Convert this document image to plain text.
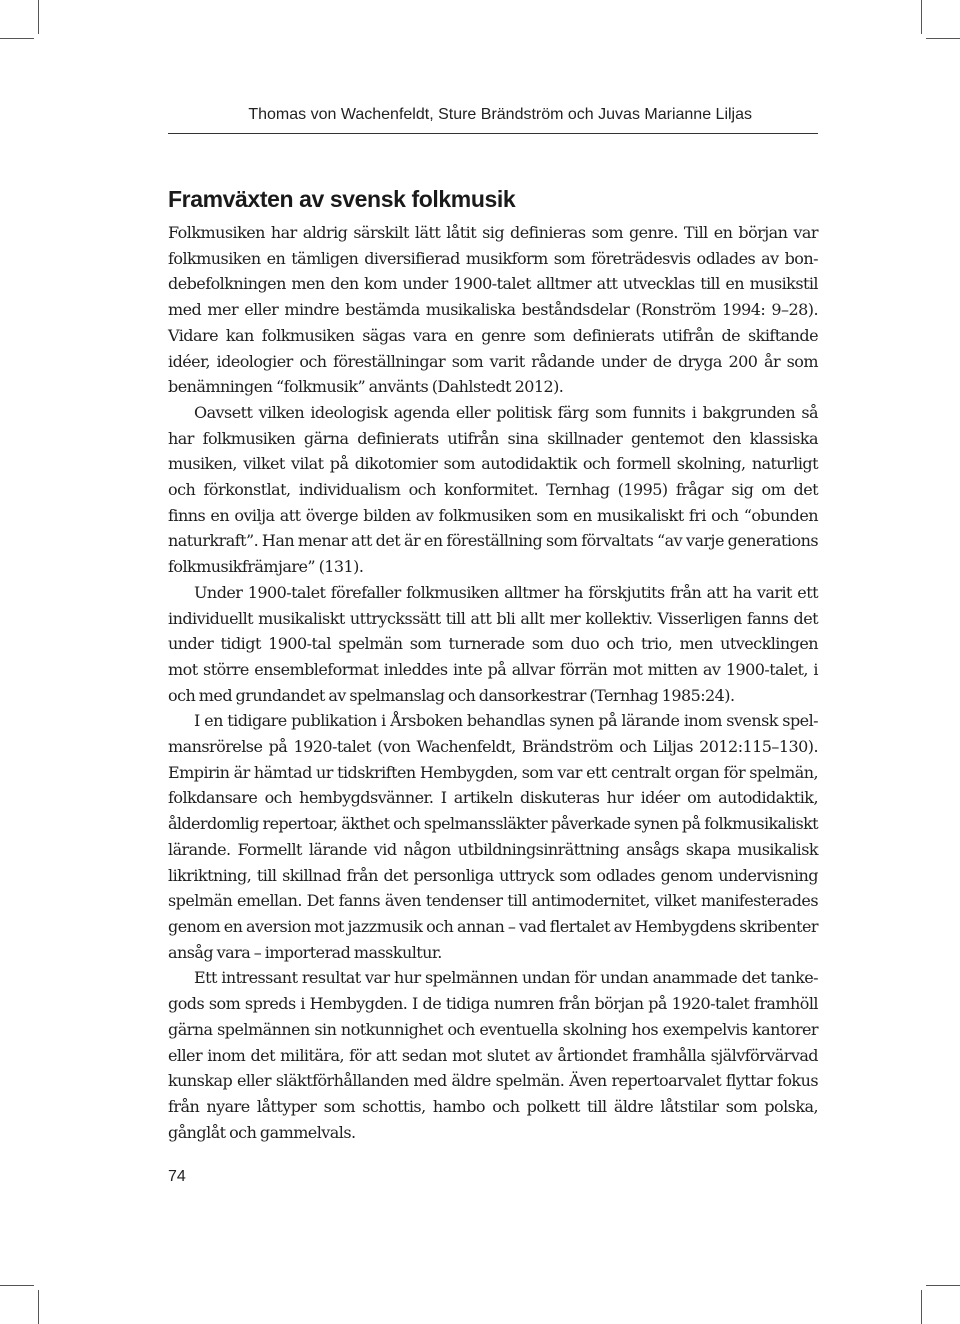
Thomas von Wachenfeldt, Sture Brändström och Juvas Marianne Liljas
Framväxten av svensk folkmusik

Folkmusiken har aldrig särskilt lätt låtit sig definieras som genre. Till en början var
folkmusiken en tämligen diversifierad musikform som företrädesvis odlades av bon-
debefolkningen men den kom under 1900-talet alltmer att utvecklas till en musikstil
med mer eller mindre bestämda musikaliska beståndsdelar (Ronström 1994: 9–28).
Vidare kan folkmusiken sägas vara en genre som definierats utifrån de skiftande
idéer, ideologier och föreställningar som varit rådande under de dryga 200 år som
benämningen “folkmusik” använts (Dahlstedt 2012).

Oavsett vilken ideologisk agenda eller politisk färg som funnits i bakgrunden så
har folkmusiken gärna definierats utifrån sina skillnader gentemot den klassiska
musiken, vilket vilat på dikotomier som autodidaktik och formell skolning, naturligt
och förkonstlat, individualism och konformitet. Ternhag (1995) frågar sig om det
finns en ovilja att överge bilden av folkmusiken som en musikaliskt fri och “obunden
naturkraft”. Han menar att det är en föreställning som förvaltats “av varje generations
folkmusikfrämjare” (131).

Under 1900-talet förefaller folkmusiken alltmer ha förskjutits från att ha varit ett
individuellt musikaliskt uttryckssätt till att bli allt mer kollektiv. Visserligen fanns det
under tidigt 1900-tal spelmän som turnerade som duo och trio, men utvecklingen
mot större ensembleformat inleddes inte på allvar förrän mot mitten av 1900-talet, i
och med grundandet av spelmanslag och dansorkestrar (Ternhag 1985:24).

I en tidigare publikation i Årsboken behandlas synen på lärande inom svensk spel-
mansrörelse på 1920-talet (von Wachenfeldt, Brändström och Liljas 2012:115–130).
Empirin är hämtad ur tidskriften Hembygden, som var ett centralt organ för spelmän,
folkdansare och hembygdsvänner. I artikeln diskuteras hur idéer om autodidaktik,
ålderdomlig repertoar, äkthet och spelmanssläkter påverkade synen på folkmusikaliskt
lärande. Formellt lärande vid någon utbildningsinrättning ansågs skapa musikalisk
likriktning, till skillnad från det personliga uttryck som odlades genom undervisning
spelmän emellan. Det fanns även tendenser till antimodernitet, vilket manifesterades
genom en aversion mot jazzmusik och annan – vad flertalet av Hembygdens skribenter
ansåg vara – importerad masskultur.

Ett intressant resultat var hur spelmännen undan för undan anammade det tanke-
gods som spreds i Hembygden. I de tidiga numren från början på 1920-talet framhöll
gärna spelmännen sin notkunnighet och eventuella skolning hos exempelvis kantorer
eller inom det militära, för att sedan mot slutet av årtiondet framhålla självförvärvad
kunskap eller släktförhållanden med äldre spelmän. Även repertoarvalet flyttar fokus
från nyare låttyper som schottis, hambo och polkett till äldre låtstilar som polska,
gånglåt och gammelvals.

74
